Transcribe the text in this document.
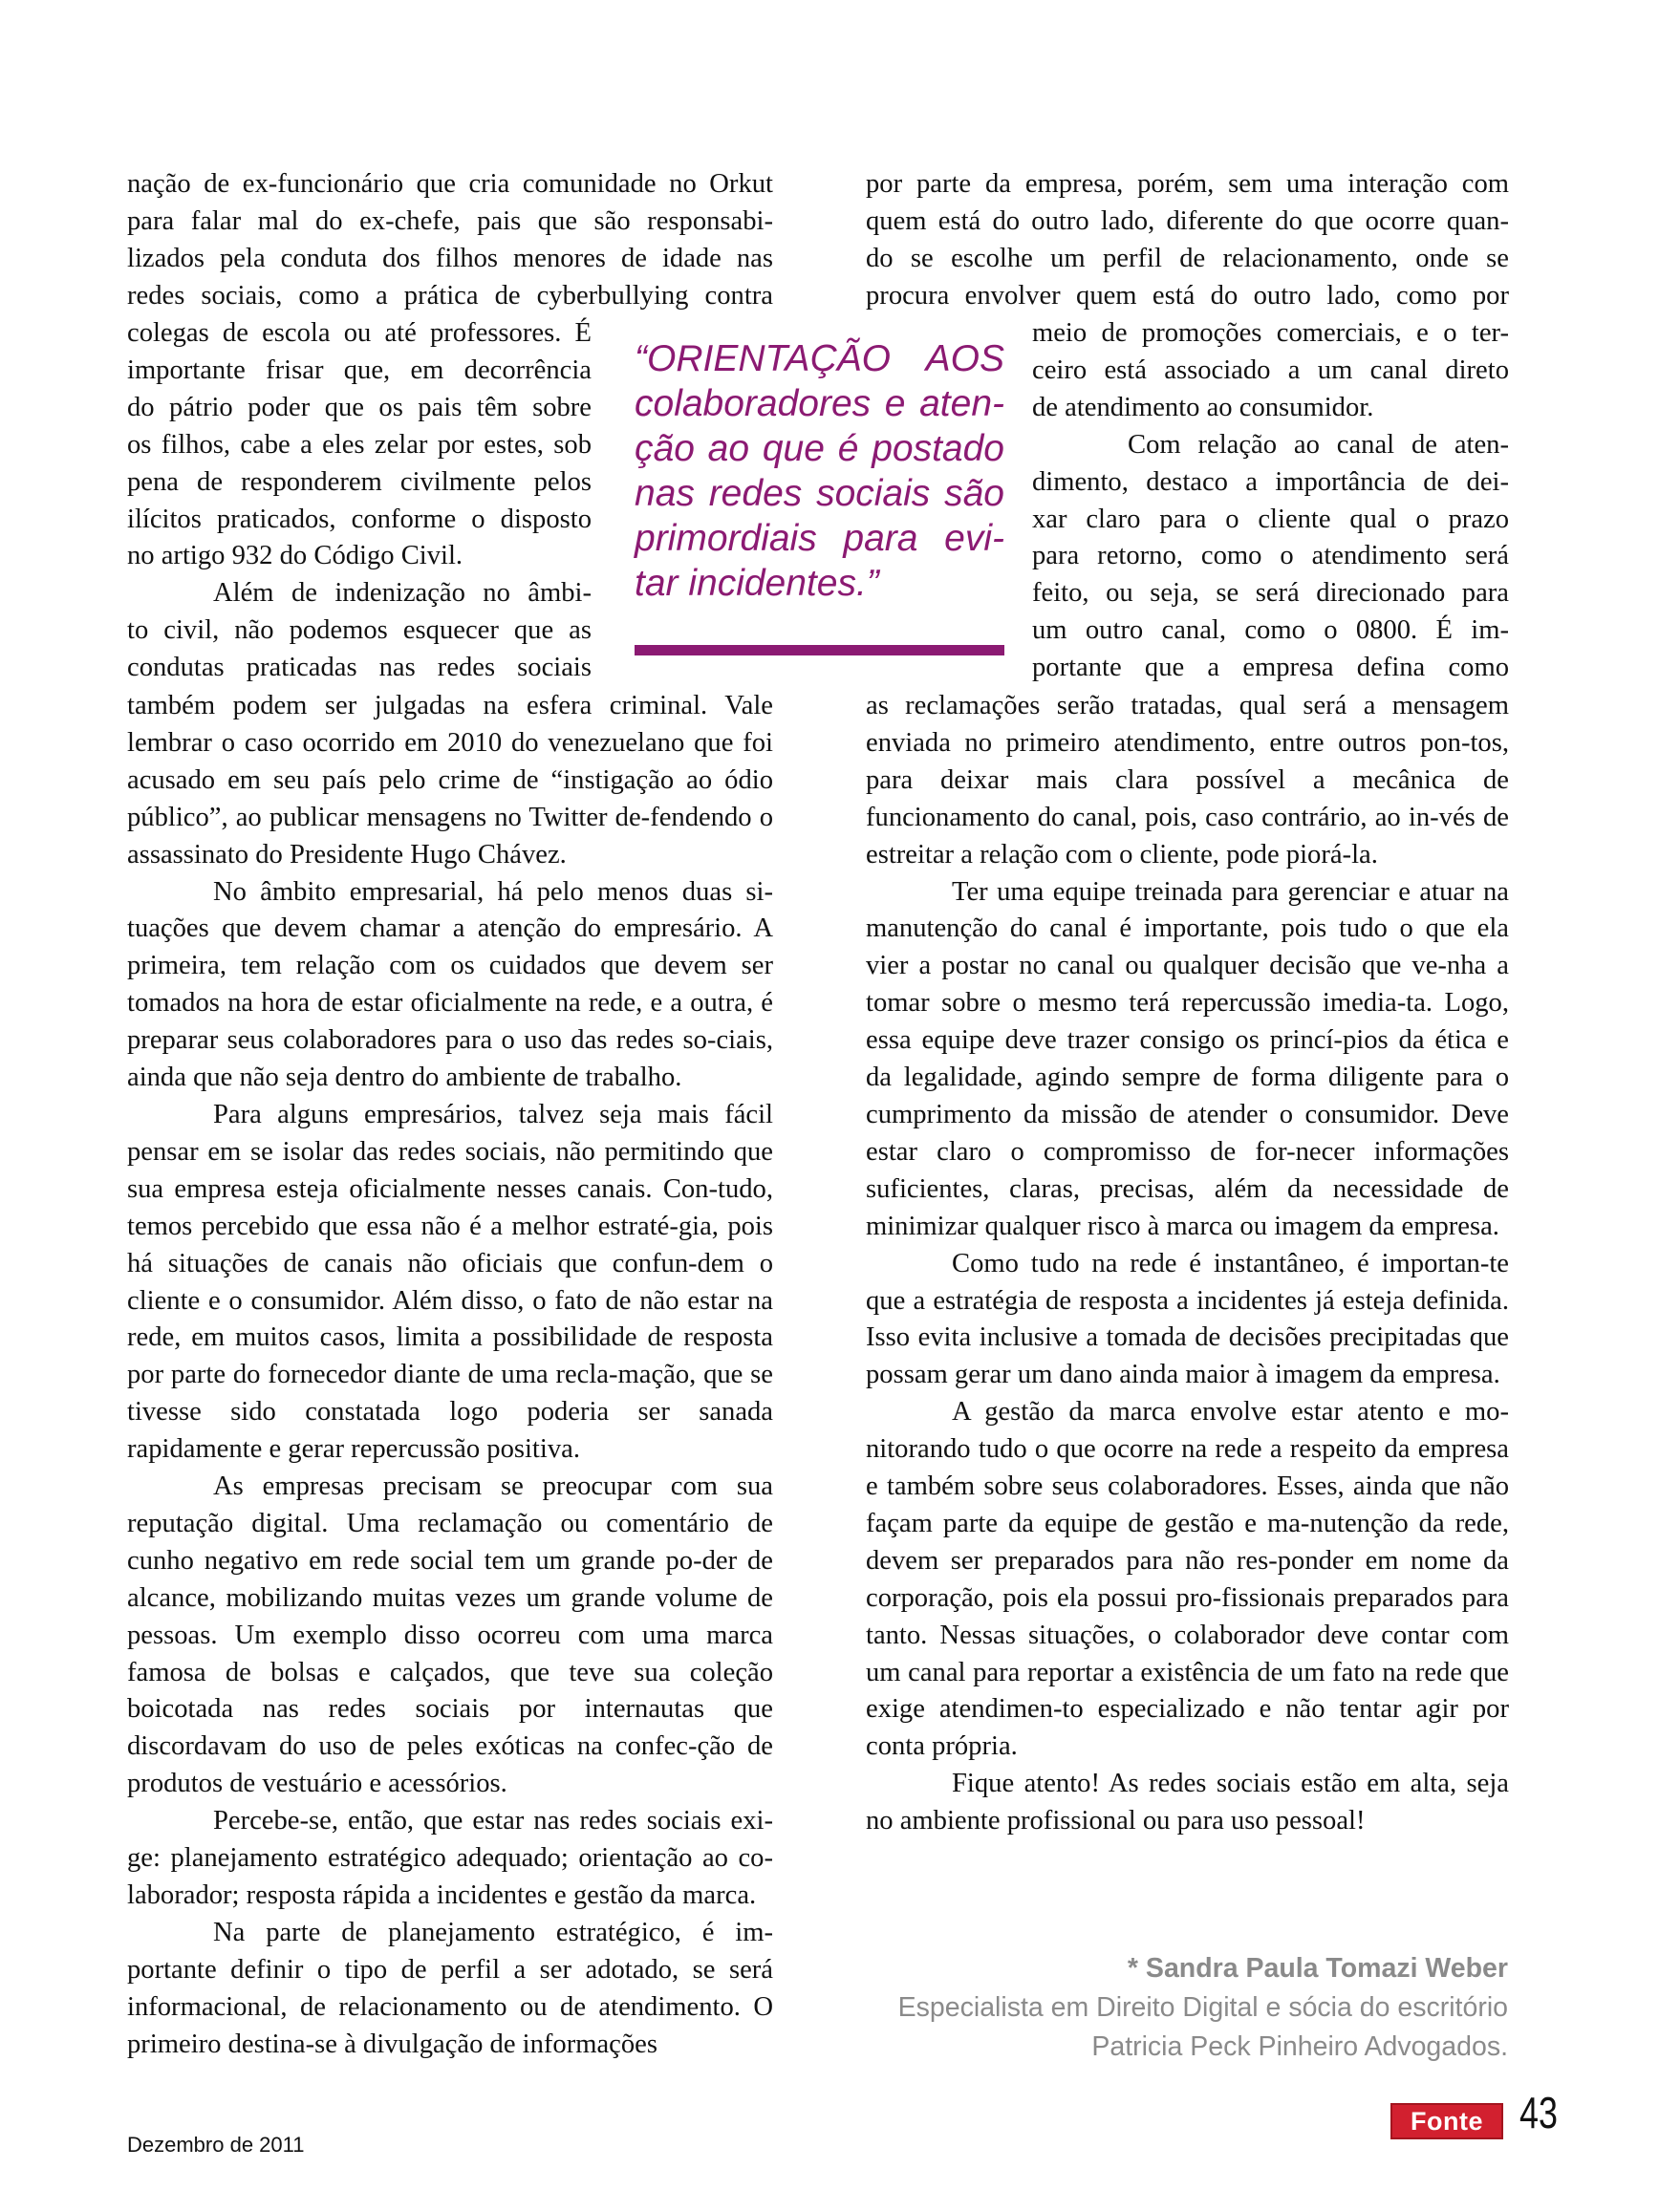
nação de ex-funcionário que cria comunidade no Orkut
para falar mal do ex-chefe, pais que são responsabi-
lizados pela conduta dos filhos menores de idade nas
redes sociais, como a prática de cyberbullying contra
colegas de escola ou até professores. É
importante frisar que, em decorrência
do pátrio poder que os pais têm sobre
os filhos, cabe a eles zelar por estes, sob
pena de responderem civilmente pelos
ilícitos praticados, conforme o disposto
no artigo 932 do Código Civil.
Além de indenização no âmbi-
to civil, não podemos esquecer que as
condutas praticadas nas redes sociais

também podem ser julgadas na esfera criminal. Vale lembrar o caso ocorrido em 2010 do venezuelano que foi acusado em seu país pelo crime de “instigação ao ódio público”, ao publicar mensagens no Twitter de-fendendo o assassinato do Presidente Hugo Chávez.

No âmbito empresarial, há pelo menos duas si-tuações que devem chamar a atenção do empresário. A primeira, tem relação com os cuidados que devem ser tomados na hora de estar oficialmente na rede, e a outra, é preparar seus colaboradores para o uso das redes so-ciais, ainda que não seja dentro do ambiente de trabalho.

Para alguns empresários, talvez seja mais fácil pensar em se isolar das redes sociais, não permitindo que sua empresa esteja oficialmente nesses canais. Con-tudo, temos percebido que essa não é a melhor estraté-gia, pois há situações de canais não oficiais que confun-dem o cliente e o consumidor. Além disso, o fato de não estar na rede, em muitos casos, limita a possibilidade de resposta por parte do fornecedor diante de uma recla-mação, que se tivesse sido constatada logo poderia ser sanada rapidamente e gerar repercussão positiva.

As empresas precisam se preocupar com sua reputação digital. Uma reclamação ou comentário de cunho negativo em rede social tem um grande po-der de alcance, mobilizando muitas vezes um grande volume de pessoas. Um exemplo disso ocorreu com uma marca famosa de bolsas e calçados, que teve sua coleção boicotada nas redes sociais por internautas que discordavam do uso de peles exóticas na confec-ção de produtos de vestuário e acessórios.

Percebe-se, então, que estar nas redes sociais exi-ge: planejamento estratégico adequado; orientação ao co-laborador; resposta rápida a incidentes e gestão da marca.

Na parte de planejamento estratégico, é im-portante definir o tipo de perfil a ser adotado, se será informacional, de relacionamento ou de atendimento. O primeiro destina-se à divulgação de informações

“ORIENTAÇÃO AOS colaboradores e aten-ção ao que é postado nas redes sociais são primordiais para evi-tar incidentes.”
por parte da empresa, porém, sem uma interação com
quem está do outro lado, diferente do que ocorre quan-
do se escolhe um perfil de relacionamento, onde se
procura envolver quem está do outro lado, como por
meio de promoções comerciais, e o ter-
ceiro está associado a um canal direto
de atendimento ao consumidor.
Com relação ao canal de aten-
dimento, destaco a importância de dei-
xar claro para o cliente qual o prazo
para retorno, como o atendimento será
feito, ou seja, se será direcionado para
um outro canal, como o 0800. É im-
portante que a empresa defina como

as reclamações serão tratadas, qual será a mensagem enviada no primeiro atendimento, entre outros pon-tos, para deixar mais clara possível a mecânica de funcionamento do canal, pois, caso contrário, ao in-vés de estreitar a relação com o cliente, pode piorá-la.

Ter uma equipe treinada para gerenciar e atuar na manutenção do canal é importante, pois tudo o que ela vier a postar no canal ou qualquer decisão que ve-nha a tomar sobre o mesmo terá repercussão imedia-ta. Logo, essa equipe deve trazer consigo os princí-pios da ética e da legalidade, agindo sempre de forma diligente para o cumprimento da missão de atender o consumidor. Deve estar claro o compromisso de for-necer informações suficientes, claras, precisas, além da necessidade de minimizar qualquer risco à marca ou imagem da empresa.

Como tudo na rede é instantâneo, é importan-te que a estratégia de resposta a incidentes já esteja definida. Isso evita inclusive a tomada de decisões precipitadas que possam gerar um dano ainda maior à imagem da empresa.

A gestão da marca envolve estar atento e mo-nitorando tudo o que ocorre na rede a respeito da empresa e também sobre seus colaboradores. Esses, ainda que não façam parte da equipe de gestão e ma-nutenção da rede, devem ser preparados para não res-ponder em nome da corporação, pois ela possui pro-fissionais preparados para tanto. Nessas situações, o colaborador deve contar com um canal para reportar a existência de um fato na rede que exige atendimen-to especializado e não tentar agir por conta própria.

Fique atento! As redes sociais estão em alta, seja no ambiente profissional ou para uso pessoal!

* Sandra Paula Tomazi Weber
Especialista em Direito Digital e sócia do escritório
Patricia Peck Pinheiro Advogados.
Dezembro de 2011
Fonte 43
